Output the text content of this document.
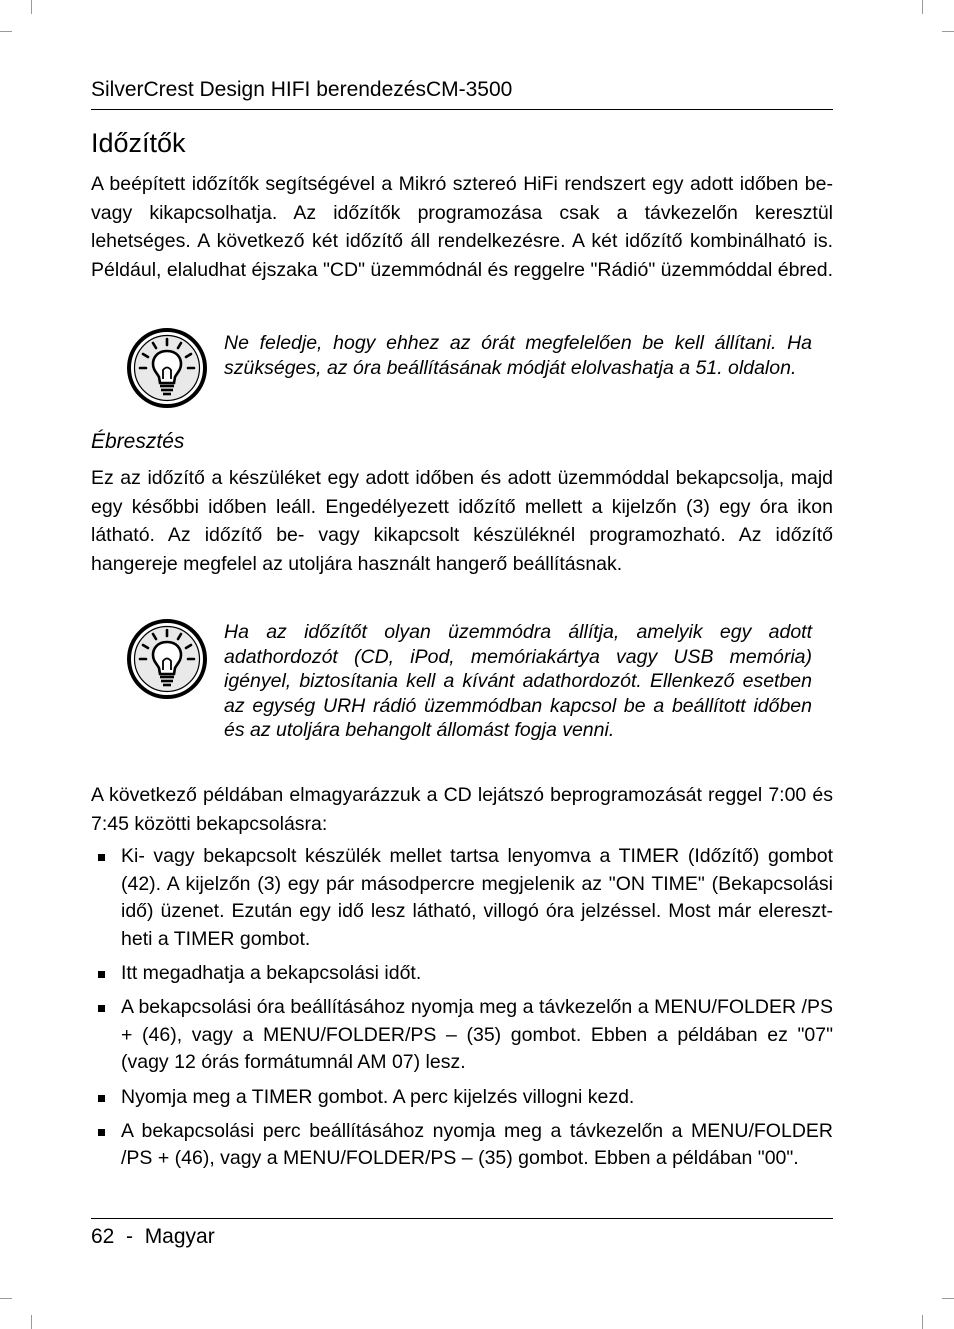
SilverCrest Design HIFI berendezésCM-3500
Időzítők

A beépített időzítők segítségével a Mikró sztereó HiFi rendszert egy adott időben be- vagy kikapcsolhatja. Az időzítők programozása csak a távkezelőn keresztül lehetséges. A következő két időzítő áll rendelkezésre. A két időzítő kombinálható is. Például, elaludhat éjszaka "CD" üzemmódnál és reggelre "Rádió" üzemmóddal ébred.

Ne feledje, hogy ehhez az órát megfelelően be kell állítani. Ha szükséges, az óra beállításának módját elolvashatja a 51. oldalon.

Ébresztés

Ez az időzítő a készüléket egy adott időben és adott üzemmóddal bekapcsolja, majd egy későbbi időben leáll. Engedélyezett időzítő mellett a kijelzőn (3) egy óra ikon látható. Az időzítő be- vagy kikapcsolt készüléknél programozható. Az időzítő hangereje megfelel az utoljára használt hangerő beállításnak.

Ha az időzítőt olyan üzemmódra állítja, amelyik egy adott adathordozót (CD, iPod, memóriakártya vagy USB memória) igényel, biztosítania kell a kívánt adathordozót. Ellenkező esetben az egység URH rádió üzemmódban kapcsol be a beállított időben és az utoljára behangolt állomást fogja venni.

A következő példában elmagyarázzuk a CD lejátszó beprogramozását reggel 7:00 és 7:45 közötti bekapcsolásra:

Ki- vagy bekapcsolt készülék mellet tartsa lenyomva a TIMER (Időzítő) gombot (42). A kijelzőn (3) egy pár másodpercre megjelenik az "ON TIME" (Bekapcsolási idő) üzenet. Ezután egy idő lesz látható, villogó óra jelzéssel. Most már eleresztheti a TIMER gombot.
Itt megadhatja a bekapcsolási időt.
A bekapcsolási óra beállításához nyomja meg a távkezelőn a MENU/FOLDER /PS + (46), vagy a MENU/FOLDER/PS – (35) gombot. Ebben a példában ez "07" (vagy 12 órás formátumnál AM 07) lesz.
Nyomja meg a TIMER gombot. A perc kijelzés villogni kezd.
A bekapcsolási perc beállításához nyomja meg a távkezelőn a MENU/FOLDER /PS + (46), vagy a MENU/FOLDER/PS – (35) gombot. Ebben a példában "00".
62  -  Magyar
